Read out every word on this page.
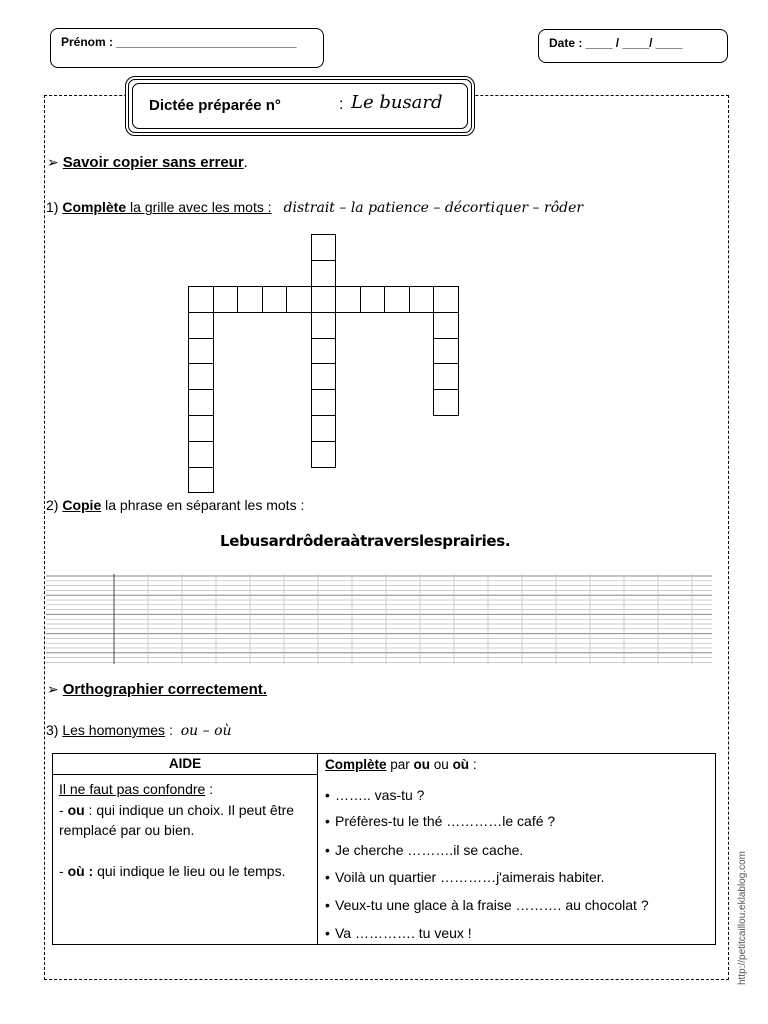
Prénom : ___________________________	Date : ____ / ____/ ____
Dictée préparée n°	: Le busard
➢ Savoir copier sans erreur.
1) Complète la grille avec les mots : distrait – la patience – décortiquer – rôder
2) Copie la phrase en séparant les mots :
Lebusardrôderaàtraverslesprairies.
➢ Orthographier correctement.
3) Les homonymes : ou – où
AIDE
Il ne faut pas confondre :
- ou : qui indique un choix. Il peut être remplacé par ou bien.
- où : qui indique le lieu ou le temps.
Complète par ou ou où :
• …….. vas-tu ?
• Préfères-tu le thé …………le café ?
• Je cherche ……….il se cache.
• Voilà un quartier …………j'aimerais habiter.
• Veux-tu une glace à la fraise ………. au chocolat ?
• Va …………. tu veux !	http://petitcaillou.eklablog.com
